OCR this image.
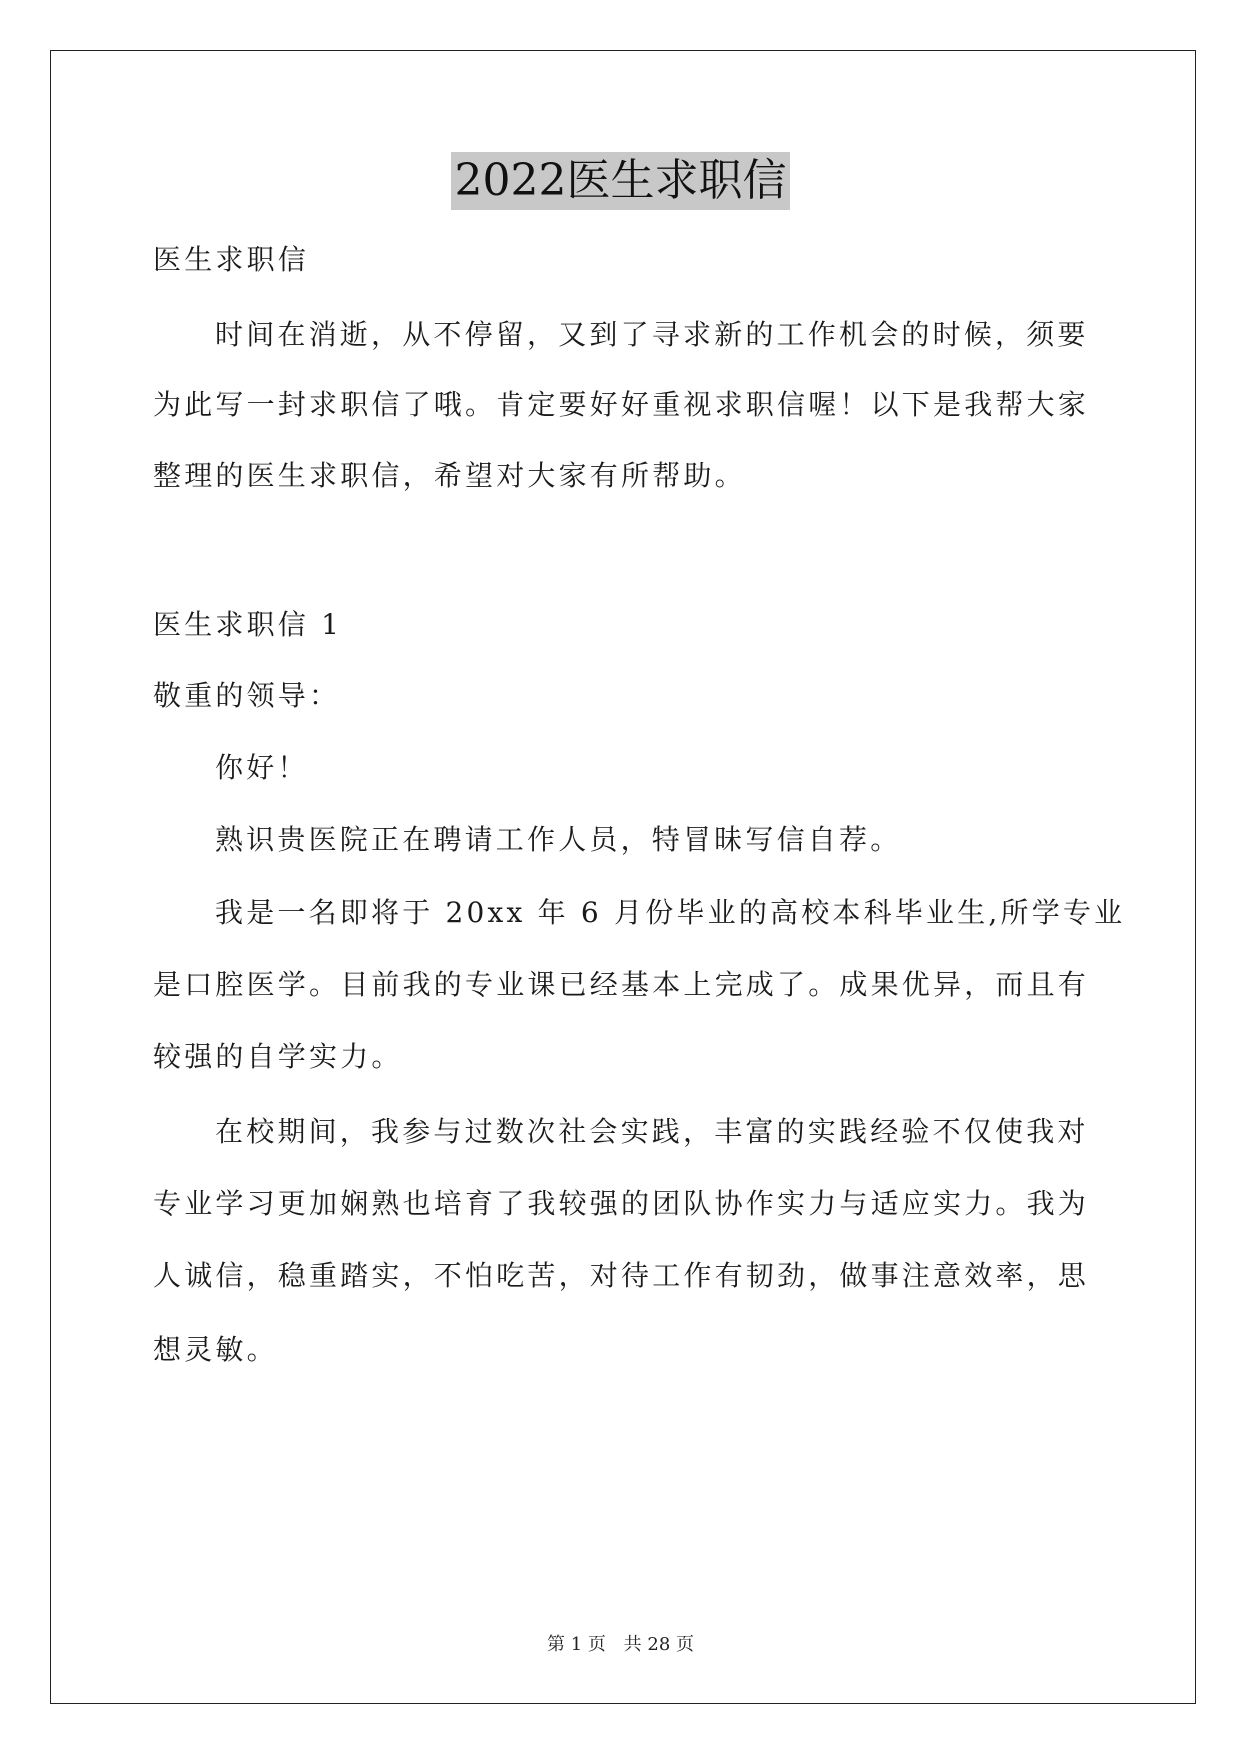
2022医生求职信
医生求职信
时间在消逝，从不停留，又到了寻求新的工作机会的时候，须要
为此写一封求职信了哦。肯定要好好重视求职信喔！以下是我帮大家
整理的医生求职信，希望对大家有所帮助。
医生求职信 1
敬重的领导：
你好！
熟识贵医院正在聘请工作人员，特冒昧写信自荐。
我是一名即将于 20xx 年 6 月份毕业的高校本科毕业生,所学专业
是口腔医学。目前我的专业课已经基本上完成了。成果优异，而且有
较强的自学实力。
在校期间，我参与过数次社会实践，丰富的实践经验不仅使我对
专业学习更加娴熟也培育了我较强的团队协作实力与适应实力。我为
人诚信，稳重踏实，不怕吃苦，对待工作有韧劲，做事注意效率，思
想灵敏。
第 1 页 共 28 页
